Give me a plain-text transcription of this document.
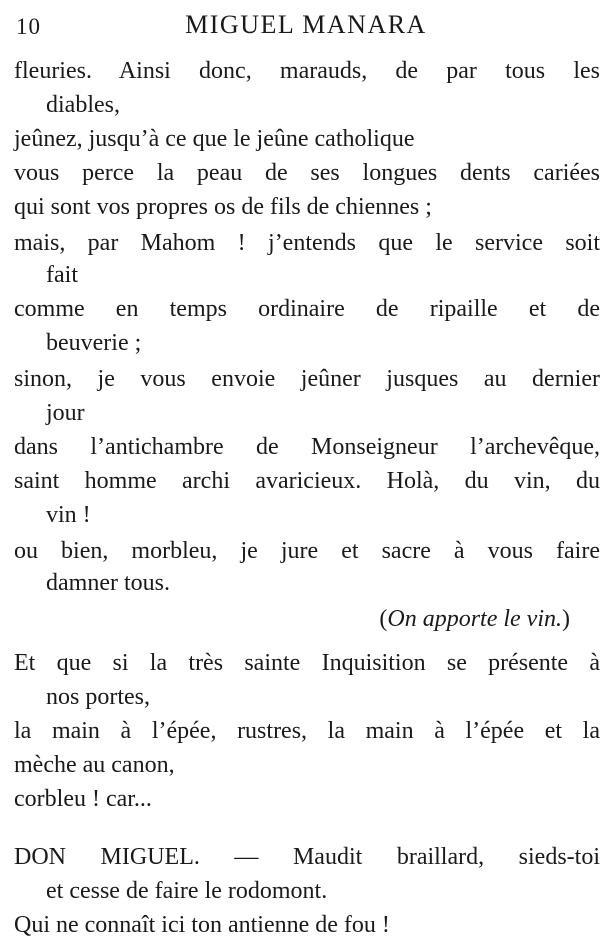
10	MIGUEL MANARA

fleuries. Ainsi donc, marauds, de par tous les

diables,

jeûnez, jusqu’à ce que le jeûne catholique

vous perce la peau de ses longues dents cariées

qui sont vos propres os de fils de chiennes ;

mais, par Mahom ! j’entends que le service soit

fait

comme en temps ordinaire de ripaille et de

beuverie ;

sinon, je vous envoie jeûner jusques au dernier

jour

dans l’antichambre de Monseigneur l’archevêque,

saint homme archi avaricieux. Holà, du vin, du

vin !

ou bien, morbleu, je jure et sacre à vous faire

damner tous.

(On apporte le vin.)

Et que si la très sainte Inquisition se présente à

nos portes,

la main à l’épée, rustres, la main à l’épée et la

mèche au canon,

corbleu ! car...

DON MIGUEL. — Maudit braillard, sieds-toi

et cesse de faire le rodomont.

Qui ne connaît ici ton antienne de fou !
